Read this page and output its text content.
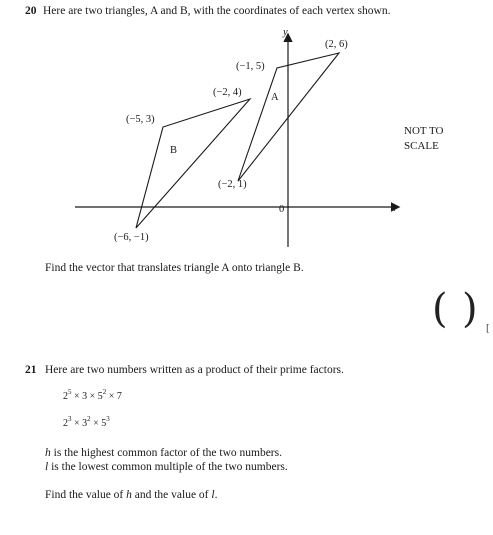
20 Here are two triangles, A and B, with the coordinates of each vertex shown.
y
x
0
A
B
(2, 6)
(−1, 5)
(−2, 4)
(−2, 1)
(−5, 3)
(−6, −1)
NOT TO
SCALE
Find the vector that translates triangle A onto triangle B.
( ) [
21 Here are two numbers written as a product of their prime factors.
$2^5 \times 3 \times 5^2 \times 7$
$2^3 \times 3^2 \times 5^3$
h is the highest common factor of the two numbers.
l is the lowest common multiple of the two numbers.
Find the value of h and the value of l.
